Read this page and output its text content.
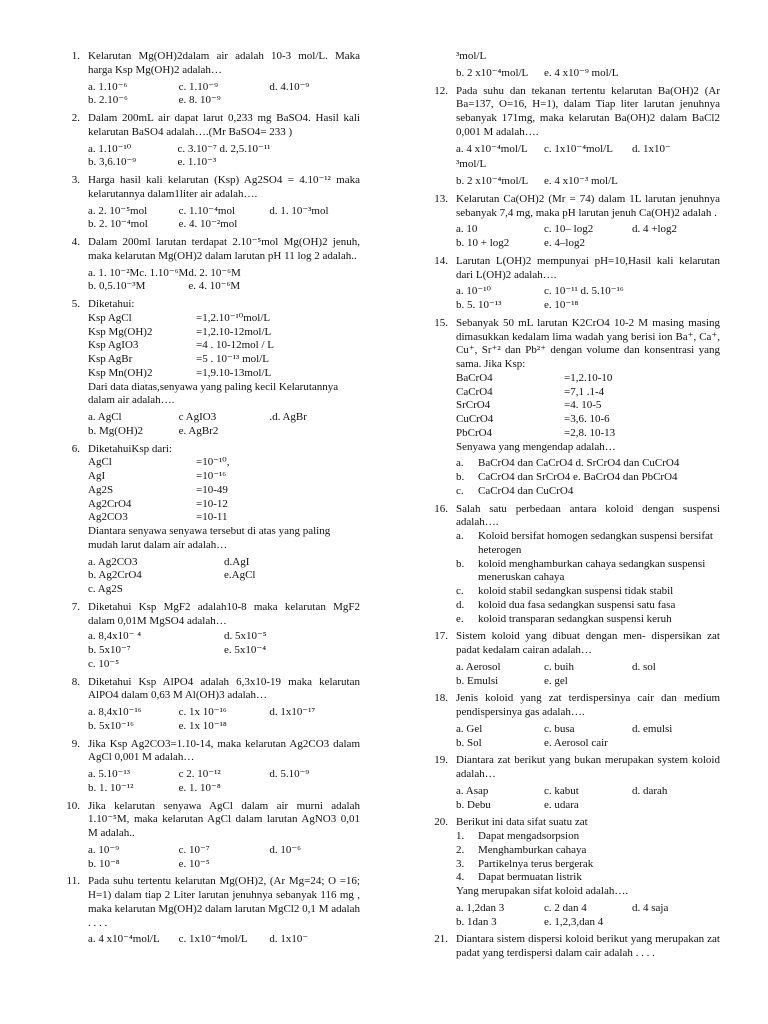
1. Kelarutan Mg(OH)2dalam air adalah 10-3 mol/L. Maka harga Ksp Mg(OH)2 adalah…
a. 1.10⁻⁶	c. 1.10⁻⁹	d. 4.10⁻⁹
b. 2.10⁻⁶	e. 8. 10⁻⁹
2. Dalam 200mL air dapat larut 0,233 mg BaSO4. Hasil kali kelarutan BaSO4 adalah….(Mr BaSO4= 233 )
a. 1.10⁻¹⁰	c. 3.10⁻⁷ d. 2,5.10⁻¹¹
b. 3,6.10⁻⁹	e. 1.10⁻³
3. Harga hasil kali kelarutan (Ksp) Ag2SO4 = 4.10⁻¹² maka kelarutannya dalam1liter air adalah….
a. 2. 10⁻⁵mol	c. 1.10⁻⁴mol	d. 1. 10⁻³mol
b. 2. 10⁻⁴mol	e. 4. 10⁻²mol
4. Dalam 200ml larutan terdapat 2.10⁻⁵mol Mg(OH)2 jenuh, maka kelarutan Mg(OH)2 dalam larutan pH 11 log 2 adalah..
a. 1. 10⁻²Mc. 1.10⁻⁶M d. 2. 10⁻⁶M
b. 0,5.10⁻³M	e. 4. 10⁻⁶M
5. Diketahui:
Ksp AgCl	=1,2.10⁻¹⁰mol/L
Ksp Mg(OH)2	=1,2.10-12mol/L
Ksp AgIO3	=4 . 10-12mol / L
Ksp AgBr	=5 . 10⁻¹³ mol/L
Ksp Mn(OH)2	=1,9.10-13mol/L
Dari data diatas,senyawa yang paling kecil Kelarutannya dalam air adalah….
a. AgCl	c AgIO3	.d. AgBr
b. Mg(OH)2	e. AgBr2
6. DiketahuiKsp dari:
AgCl	=10⁻¹⁰,
AgI	=10⁻¹⁶
Ag2S	=10-49
Ag2CrO4	=10-12
Ag2CO3	=10-11
Diantara senyawa senyawa tersebut di atas yang paling mudah larut dalam air adalah…
a. Ag2CO3	d.AgI
b. Ag2CrO4	e.AgCl
c. Ag2S
7. Diketahui Ksp MgF2 adalah10-8 maka kelarutan MgF2 dalam 0,01M MgSO4 adalah…
a. 8,4x10⁻ ⁴	d. 5x10⁻⁵
b. 5x10⁻⁷	e. 5x10⁻⁴
c. 10⁻⁵
8. Diketahui Ksp AlPO4 adalah 6,3x10-19 maka kelarutan AlPO4 dalam 0,63 M Al(OH)3 adalah…
a. 8,4x10⁻¹⁶	c. 1x 10⁻¹⁶	d. 1x10⁻¹⁷
b. 5x10⁻¹⁶	e. 1x 10⁻¹⁸
9. Jika Ksp Ag2CO3=1.10-14, maka kelarutan Ag2CO3 dalam AgCl 0,001 M adalah…
a. 5.10⁻¹³	c 2. 10⁻¹²	d. 5.10⁻⁹
b. 1. 10⁻¹²	e. 1. 10⁻⁸
10. Jika kelarutan senyawa AgCl dalam air murni adalah 1.10⁻⁵M, maka kelarutan AgCl dalam larutan AgNO3 0,01 M adalah..
a. 10⁻⁹	c. 10⁻⁷	d. 10⁻⁶
b. 10⁻⁸	e. 10⁻⁵
11. Pada suhu tertentu kelarutan Mg(OH)2, (Ar Mg=24; O =16; H=1) dalam tiap 2 Liter larutan jenuhnya sebanyak 116 mg , maka kelarutan Mg(OH)2 dalam larutan MgCl2 0,1 M adalah . . . .
a. 4 x10⁻⁴mol/L	c. 1x10⁻⁴mol/L	d. 1x10⁻
³mol/L
b. 2 x10⁻⁴mol/L	e. 4 x10⁻⁹ mol/L
12. Pada suhu dan tekanan tertentu kelarutan Ba(OH)2 (Ar Ba=137, O=16, H=1), dalam Tiap liter larutan jenuhnya sebanyak 171mg, maka kelarutan Ba(OH)2 dalam BaCl2 0,001 M adalah….
a. 4 x10⁻⁴mol/L	c. 1x10⁻⁴mol/L	d. 1x10⁻
³mol/L
b. 2 x10⁻⁴mol/L	e. 4 x10⁻³ mol/L
13. Kelarutan Ca(OH)2 (Mr = 74) dalam 1L larutan jenuhnya sebanyak 7,4 mg, maka pH larutan jenuh Ca(OH)2 adalah .
a. 10	c. 10– log2	d. 4 +log2
b. 10 + log2	e. 4–log2
14. Larutan L(OH)2 mempunyai pH=10,Hasil kali kelarutan dari L(OH)2 adalah….
a. 10⁻¹⁰	c. 10⁻¹¹ d. 5.10⁻¹⁶
b. 5. 10⁻¹³	e. 10⁻¹⁸
15. Sebanyak 50 mL larutan K2CrO4 10-2 M masing masing dimasukkan kedalam lima wadah yang berisi ion Ba⁺, Ca⁺, Cu⁺, Sr⁺² dan Pb²⁺ dengan volume dan konsentrasi yang sama. Jika Ksp:
BaCrO4	=1,2.10-10
CaCrO4	=7,1 .1-4
SrCrO4	=4. 10-5
CuCrO4	=3,6. 10-6
PbCrO4	=2,8. 10-13
Senyawa yang mengendap adalah…
a.	BaCrO4 dan CaCrO4 d. SrCrO4 dan CuCrO4
b.	CaCrO4 dan SrCrO4 e. BaCrO4 dan PbCrO4
c.	CaCrO4 dan CuCrO4
16. Salah satu perbedaan antara koloid dengan suspensi adalah….
a.	Koloid bersifat homogen sedangkan suspensi bersifat heterogen
b.	koloid menghamburkan cahaya sedangkan suspensi meneruskan cahaya
c.	koloid stabil sedangkan suspensi tidak stabil
d.	koloid dua fasa sedangkan suspensi satu fasa
e.	koloid transparan sedangkan suspensi keruh
17. Sistem koloid yang dibuat dengan men- dispersikan zat padat kedalam cairan adalah…
a. Aerosol	c. buih	d. sol
b. Emulsi	e. gel
18. Jenis koloid yang zat terdispersinya cair dan medium pendispersinya gas adalah….
a. Gel	c. busa	d. emulsi
b. Sol	e. Aerosol cair
19. Diantara zat berikut yang bukan merupakan system koloid adalah…
a. Asap	c. kabut	d. darah
b. Debu	e. udara
20. Berikut ini data sifat suatu zat
1.	Dapat mengadsorpsion
2.	Menghamburkan cahaya
3.	Partikelnya terus bergerak
4.	Dapat bermuatan listrik
Yang merupakan sifat koloid adalah….
a. 1,2dan 3	c. 2 dan 4	d. 4 saja
b. 1dan 3	e. 1,2,3,dan 4
21. Diantara sistem dispersi koloid berikut yang merupakan zat padat yang terdispersi dalam cair adalah . . . .
